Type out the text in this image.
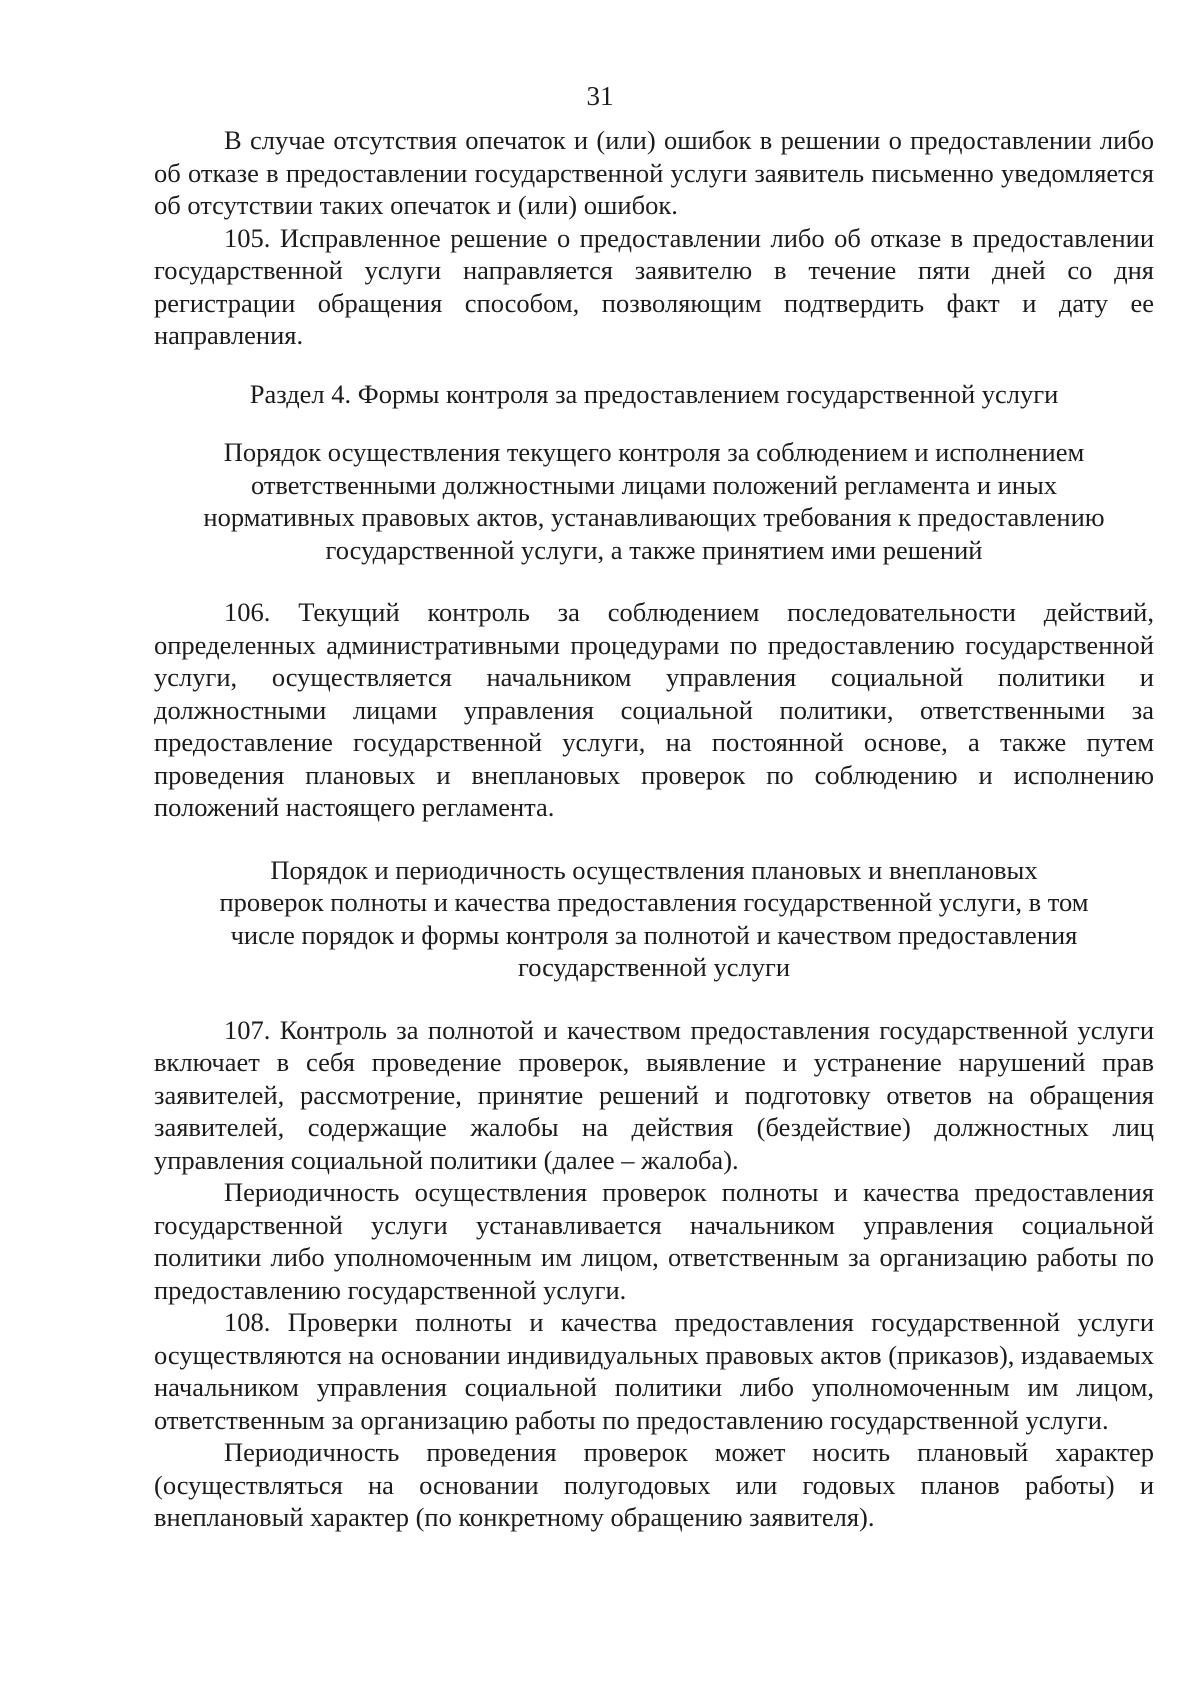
31

В случае отсутствия опечаток и (или) ошибок в решении о предоставлении либо об отказе в предоставлении государственной услуги заявитель письменно уведомляется об отсутствии таких опечаток и (или) ошибок.

105. Исправленное решение о предоставлении либо об отказе в предоставлении государственной услуги направляется заявителю в течение пяти дней со дня регистрации обращения способом, позволяющим подтвердить факт и дату ее направления.

Раздел 4. Формы контроля за предоставлением государственной услуги

Порядок осуществления текущего контроля за соблюдением и исполнением
ответственными должностными лицами положений регламента и иных
нормативных правовых актов, устанавливающих требования к предоставлению
государственной услуги, а также принятием ими решений

106. Текущий контроль за соблюдением последовательности действий, определенных административными процедурами по предоставлению государственной услуги, осуществляется начальником управления социальной политики и должностными лицами управления социальной политики, ответственными за предоставление государственной услуги, на постоянной основе, а также путем проведения плановых и внеплановых проверок по соблюдению и исполнению положений настоящего регламента.

Порядок и периодичность осуществления плановых и внеплановых
проверок полноты и качества предоставления государственной услуги, в том
числе порядок и формы контроля за полнотой и качеством предоставления
государственной услуги

107. Контроль за полнотой и качеством предоставления государственной услуги включает в себя проведение проверок, выявление и устранение нарушений прав заявителей, рассмотрение, принятие решений и подготовку ответов на обращения заявителей, содержащие жалобы на действия (бездействие) должностных лиц управления социальной политики (далее – жалоба).

Периодичность осуществления проверок полноты и качества предоставления государственной услуги устанавливается начальником управления социальной политики либо уполномоченным им лицом, ответственным за организацию работы по предоставлению государственной услуги.

108. Проверки полноты и качества предоставления государственной услуги осуществляются на основании индивидуальных правовых актов (приказов), издаваемых начальником управления социальной политики либо уполномоченным им лицом, ответственным за организацию работы по предоставлению государственной услуги.

Периодичность проведения проверок может носить плановый характер (осуществляться на основании полугодовых или годовых планов работы) и внеплановый характер (по конкретному обращению заявителя).
